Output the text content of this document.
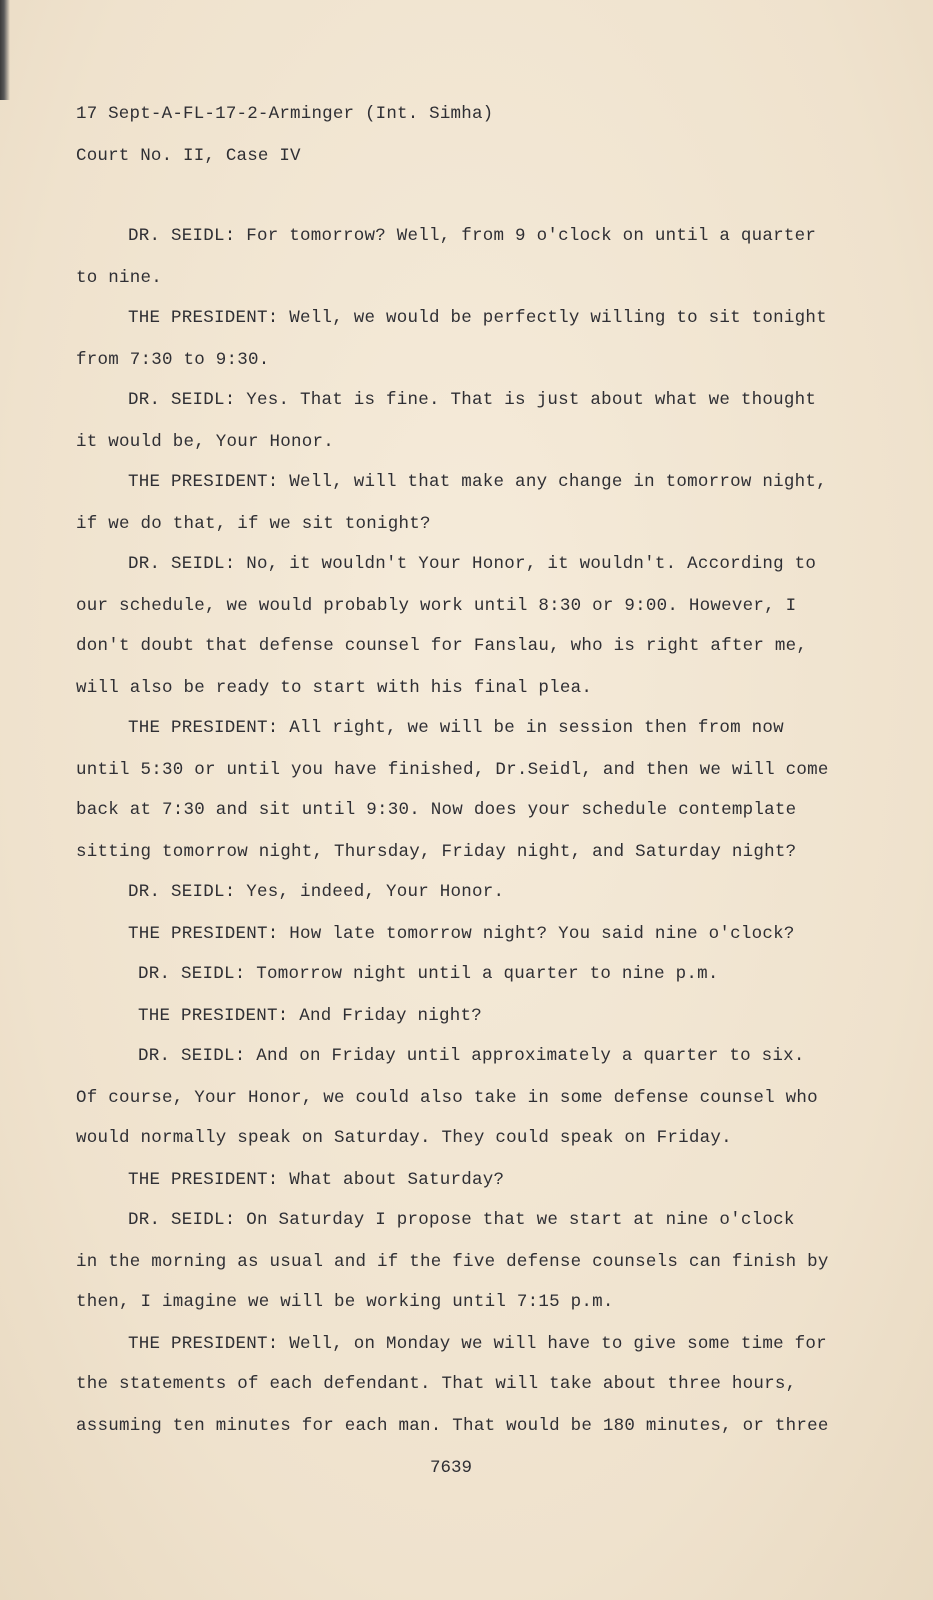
17 Sept-A-FL-17-2-Arminger (Int. Simha)
Court No. II, Case IV
DR. SEIDL: For tomorrow? Well, from 9 o'clock on until a quarter
to nine.
THE PRESIDENT: Well, we would be perfectly willing to sit tonight
from 7:30 to 9:30.
DR. SEIDL: Yes. That is fine. That is just about what we thought
it would be, Your Honor.
THE PRESIDENT: Well, will that make any change in tomorrow night,
if we do that, if we sit tonight?
DR. SEIDL: No, it wouldn't Your Honor, it wouldn't. According to
our schedule, we would probably work until 8:30 or 9:00. However, I
don't doubt that defense counsel for Fanslau, who is right after me,
will also be ready to start with his final plea.
THE PRESIDENT: All right, we will be in session then from now
until 5:30 or until you have finished, Dr.Seidl, and then we will come
back at 7:30 and sit until 9:30. Now does your schedule contemplate
sitting tomorrow night, Thursday, Friday night, and Saturday night?
DR. SEIDL: Yes, indeed, Your Honor.
THE PRESIDENT: How late tomorrow night? You said nine o'clock?
DR. SEIDL: Tomorrow night until a quarter to nine p.m.
THE PRESIDENT: And Friday night?
DR. SEIDL: And on Friday until approximately a quarter to six.
Of course, Your Honor, we could also take in some defense counsel who
would normally speak on Saturday. They could speak on Friday.
THE PRESIDENT: What about Saturday?
DR. SEIDL: On Saturday I propose that we start at nine o'clock
in the morning as usual and if the five defense counsels can finish by
then, I imagine we will be working until 7:15 p.m.
THE PRESIDENT: Well, on Monday we will have to give some time for
the statements of each defendant. That will take about three hours,
assuming ten minutes for each man. That would be 180 minutes, or three
7639
